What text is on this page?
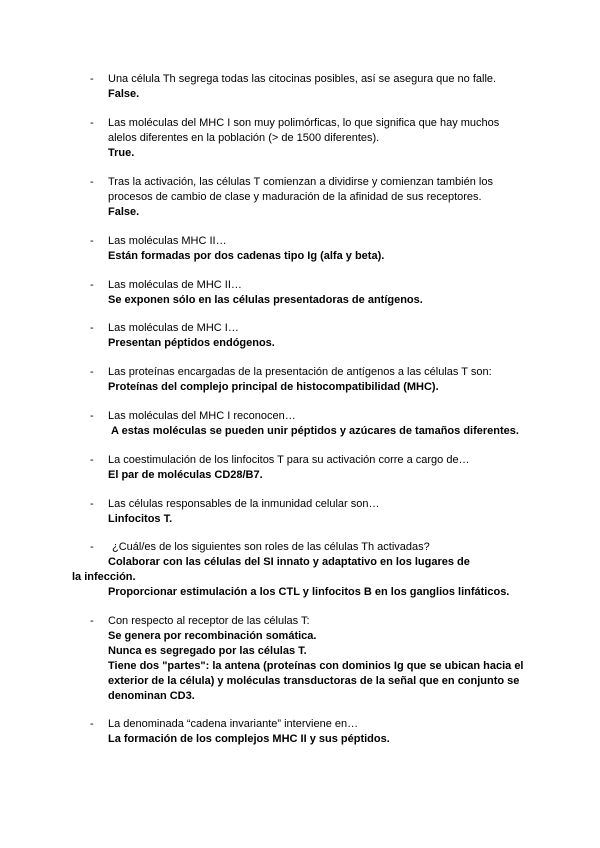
- Una célula Th segrega todas las citocinas posibles, así se asegura que no falle.
False.
- Las moléculas del MHC I son muy polimórficas, lo que significa que hay muchos alelos diferentes en la población (> de 1500 diferentes).
True.
- Tras la activación, las células T comienzan a dividirse y comienzan también los procesos de cambio de clase y maduración de la afinidad de sus receptores.
False.
- Las moléculas MHC II…
Están formadas por dos cadenas tipo Ig (alfa y beta).
- Las moléculas de MHC II…
Se exponen sólo en las células presentadoras de antígenos.
- Las moléculas de MHC I…
Presentan péptidos endógenos.
- Las proteínas encargadas de la presentación de antígenos a las células T son:
Proteínas del complejo principal de histocompatibilidad (MHC).
- Las moléculas del MHC I reconocen…
A estas moléculas se pueden unir péptidos y azúcares de tamaños diferentes.
- La coestimulación de los linfocitos T para su activación corre a cargo de…
El par de moléculas CD28/B7.
- Las células responsables de la inmunidad celular son…
Linfocitos T.
- ¿Cuál/es de los siguientes son roles de las células Th activadas?
Colaborar con las células del SI innato y adaptativo en los lugares de la infección.
Proporcionar estimulación a los CTL y linfocitos B en los ganglios linfáticos.
- Con respecto al receptor de las células T:
Se genera por recombinación somática.
Nunca es segregado por las células T.
Tiene dos "partes": la antena (proteínas con dominios Ig que se ubican hacia el exterior de la célula) y moléculas transductoras de la señal que en conjunto se denominan CD3.
- La denominada “cadena invariante” interviene en…
La formación de los complejos MHC II y sus péptidos.
